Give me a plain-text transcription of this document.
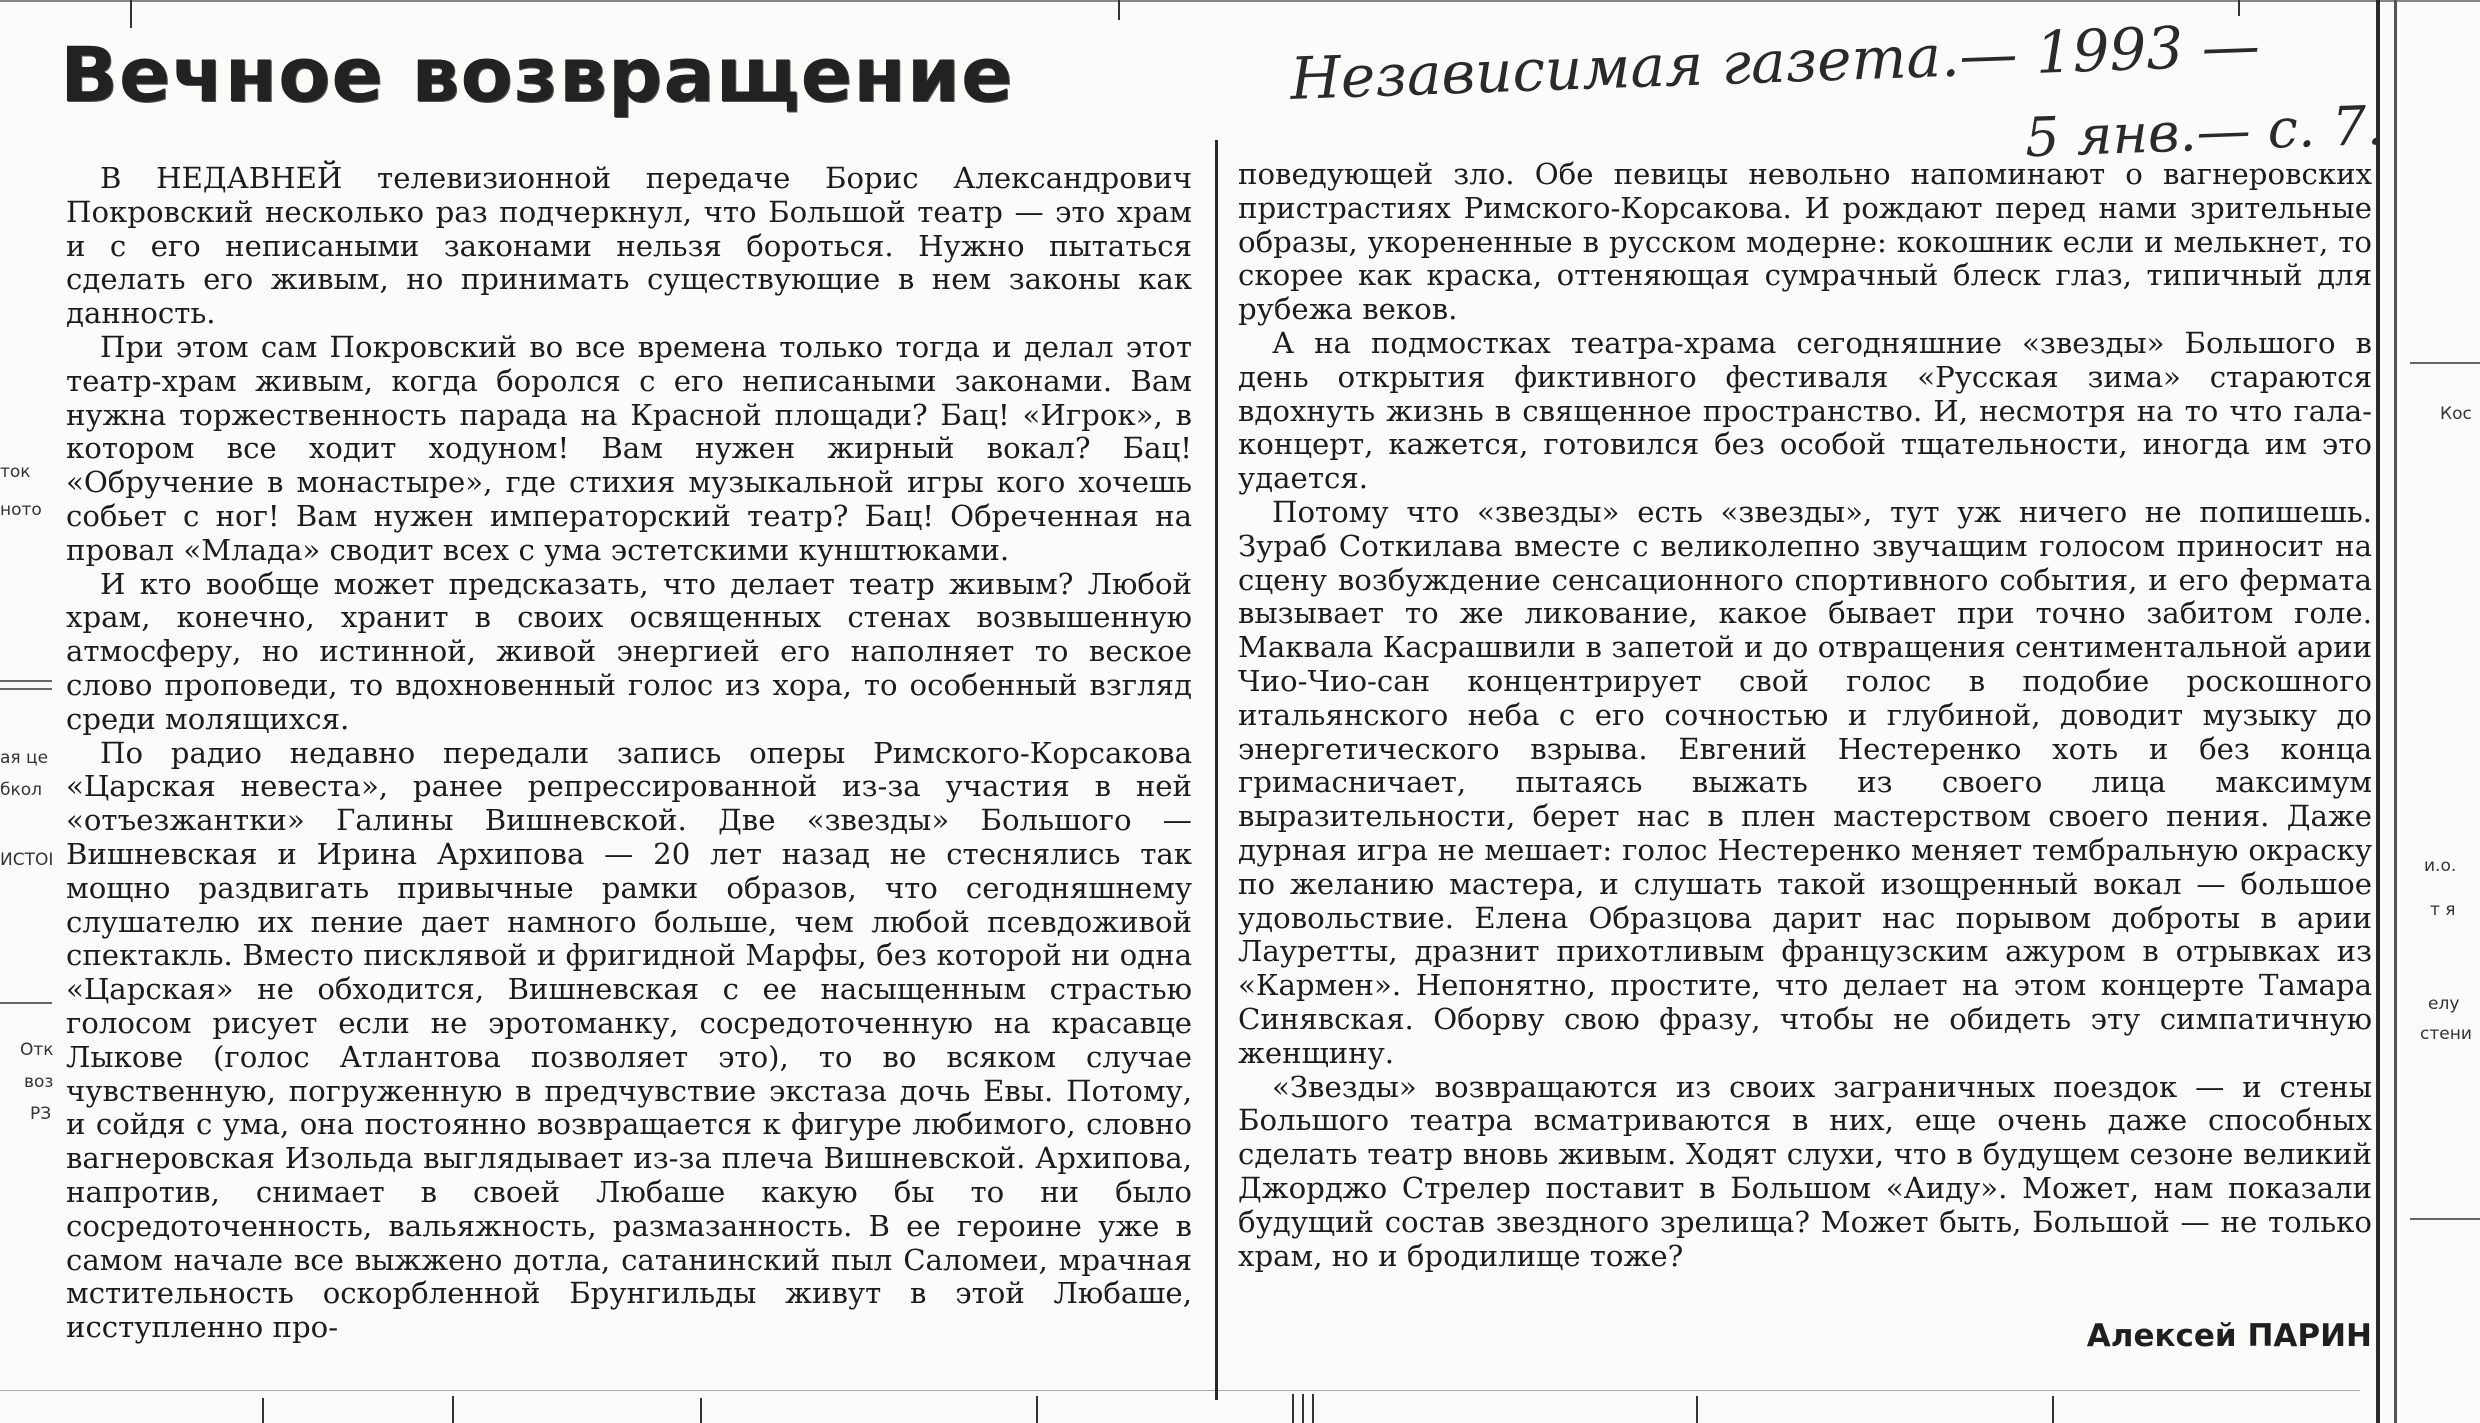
ток
ното
ая це
бкол
ИСТОI
Отк
воз
РЗ
Кос
и.о.
т я
елу
стени
Вечное возвращение	Независимая газета.— 1993 —
5 янв.— с. 7.

В НЕДАВНЕЙ телевизионной передаче Борис Александрович Покровский несколько раз подчеркнул, что Большой театр — это храм и с его неписаными законами нельзя бороться. Нужно пытаться сделать его живым, но принимать существующие в нем законы как данность.

При этом сам Покровский во все времена только тогда и делал этот театр-храм живым, когда боролся с его неписаными законами. Вам нужна торжественность парада на Красной площади? Бац! «Игрок», в котором все ходит ходуном! Вам нужен жирный вокал? Бац! «Обручение в монастыре», где стихия музыкальной игры кого хочешь собьет с ног! Вам нужен императорский театр? Бац! Обреченная на провал «Млада» сводит всех с ума эстетскими кунштюками.

И кто вообще может предсказать, что делает театр живым? Любой храм, конечно, хранит в своих освященных стенах возвышенную атмосферу, но истинной, живой энергией его наполняет то веское слово проповеди, то вдохновенный голос из хора, то особенный взгляд среди молящихся.

По радио недавно передали запись оперы Римского-Корсакова «Царская невеста», ранее репрессированной из-за участия в ней «отъезжантки» Галины Вишневской. Две «звезды» Большого — Вишневская и Ирина Архипова — 20 лет назад не стеснялись так мощно раздвигать привычные рамки образов, что сегодняшнему слушателю их пение дает намного больше, чем любой псевдоживой спектакль. Вместо писклявой и фригидной Марфы, без которой ни одна «Царская» не обходится, Вишневская с ее насыщенным страстью голосом рисует если не эротоманку, сосредоточенную на красавце Лыкове (голос Атлантова позволяет это), то во всяком случае чувственную, погруженную в предчувствие экстаза дочь Евы. Потому, и сойдя с ума, она постоянно возвращается к фигуре любимого, словно вагнеровская Изольда выглядывает из-за плеча Вишневской. Архипова, напротив, снимает в своей Любаше какую бы то ни было сосредоточенность, вальяжность, размазанность. В ее героине уже в самом начале все выжжено дотла, сатанинский пыл Саломеи, мрачная мстительность оскорбленной Брунгильды живут в этой Любаше, исступленно про-

поведующей зло. Обе певицы невольно напоминают о вагнеровских пристрастиях Римского-Корсакова. И рождают перед нами зрительные образы, укорененные в русском модерне: кокошник если и мелькнет, то скорее как краска, оттеняющая сумрачный блеск глаз, типичный для рубежа веков.

А на подмостках театра-храма сегодняшние «звезды» Большого в день открытия фиктивного фестиваля «Русская зима» стараются вдохнуть жизнь в священное пространство. И, несмотря на то что гала-концерт, кажется, готовился без особой тщательности, иногда им это удается.

Потому что «звезды» есть «звезды», тут уж ничего не попишешь. Зураб Соткилава вместе с великолепно звучащим голосом приносит на сцену возбуждение сенсационного спортивного события, и его фермата вызывает то же ликование, какое бывает при точно забитом голе. Маквала Касрашвили в запетой и до отвращения сентиментальной арии Чио-Чио-сан концентрирует свой голос в подобие роскошного итальянского неба с его сочностью и глубиной, доводит музыку до энергетического взрыва. Евгений Нестеренко хоть и без конца гримасничает, пытаясь выжать из своего лица максимум выразительности, берет нас в плен мастерством своего пения. Даже дурная игра не мешает: голос Нестеренко меняет тембральную окраску по желанию мастера, и слушать такой изощренный вокал — большое удовольствие. Елена Образцова дарит нас порывом доброты в арии Лауретты, дразнит прихотливым французским ажуром в отрывках из «Кармен». Непонятно, простите, что делает на этом концерте Тамара Синявская. Оборву свою фразу, чтобы не обидеть эту симпатичную женщину.

«Звезды» возвращаются из своих заграничных поездок — и стены Большого театра всматриваются в них, еще очень даже способных сделать театр вновь живым. Ходят слухи, что в будущем сезоне великий Джорджо Стрелер поставит в Большом «Аиду». Может, нам показали будущий состав звездного зрелища? Может быть, Большой — не только храм, но и бродилище тоже?

Алексей ПАРИН
